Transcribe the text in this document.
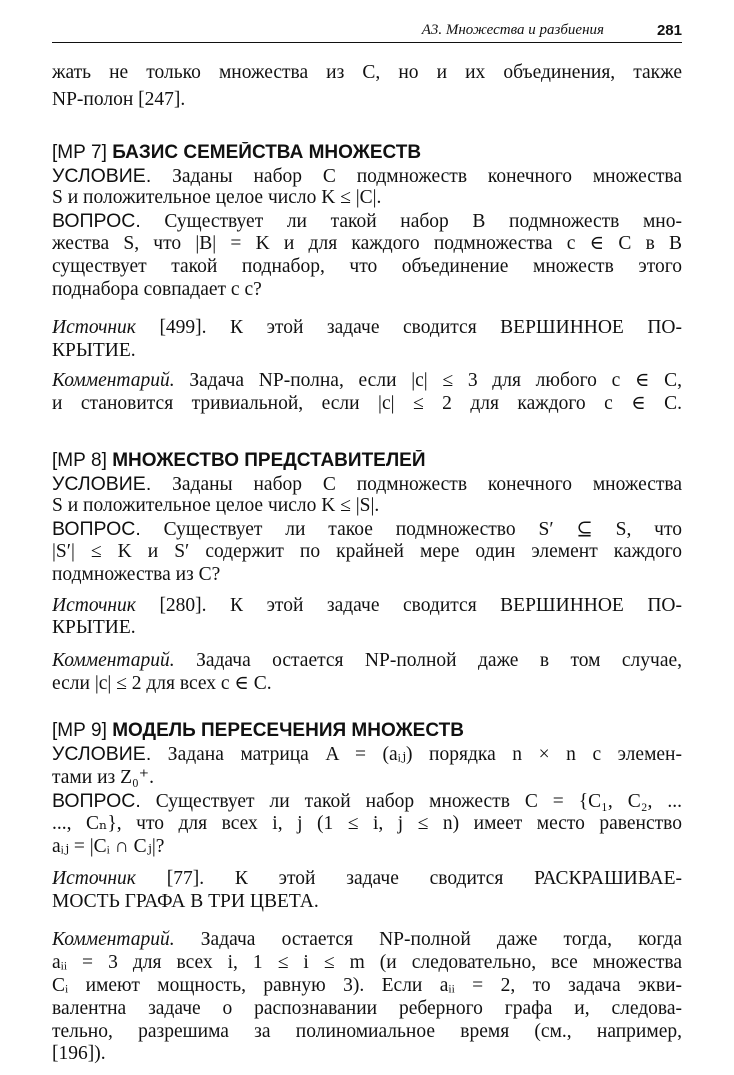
А3. Множества и разбиения	281
жать не только множества из C, но и их объединения, также
NP-полон [247].
[МР 7] БАЗИС СЕМЕЙСТВА МНОЖЕСТВ
УСЛОВИЕ. Заданы набор C подмножеств конечного множества
S и положительное целое число K ≤ |C|.
ВОПРОС. Существует ли такой набор B подмножеств мно-
жества S, что |B| = K и для каждого подмножества c ∈ C в B
существует такой поднабор, что объединение множеств этого
поднабора совпадает с c?
Источник [499]. К этой задаче сводится ВЕРШИННОЕ ПО-
КРЫТИЕ.
Комментарий. Задача NP-полна, если |c| ≤ 3 для любого c ∈ C,
и становится тривиальной, если |c| ≤ 2 для каждого c ∈ C.
[МР 8] МНОЖЕСТВО ПРЕДСТАВИТЕЛЕЙ
УСЛОВИЕ. Заданы набор C подмножеств конечного множества
S и положительное целое число K ≤ |S|.
ВОПРОС. Существует ли такое подмножество S′ ⊆ S, что
|S′| ≤ K и S′ содержит по крайней мере один элемент каждого
подмножества из C?
Источник [280]. К этой задаче сводится ВЕРШИННОЕ ПО-
КРЫТИЕ.
Комментарий. Задача остается NP-полной даже в том случае,
если |c| ≤ 2 для всех c ∈ C.
[МР 9] МОДЕЛЬ ПЕРЕСЕЧЕНИЯ МНОЖЕСТВ
УСЛОВИЕ. Задана матрица A = (aᵢⱼ) порядка n × n с элемен-
тами из Z₀⁺.
ВОПРОС. Существует ли такой набор множеств C = {C₁, C₂, ...
..., Cₙ}, что для всех i, j (1 ≤ i, j ≤ n) имеет место равенство
aᵢⱼ = |Cᵢ ∩ Cⱼ|?
Источник [77]. К этой задаче сводится РАСКРАШИВАЕ-
МОСТЬ ГРАФА В ТРИ ЦВЕТА.
Комментарий. Задача остается NP-полной даже тогда, когда
aᵢᵢ = 3 для всех i, 1 ≤ i ≤ m (и следовательно, все множества
Cᵢ имеют мощность, равную 3). Если aᵢᵢ = 2, то задача экви-
валентна задаче о распознавании реберного графа и, следова-
тельно, разрешима за полиномиальное время (см., например,
[196]).
